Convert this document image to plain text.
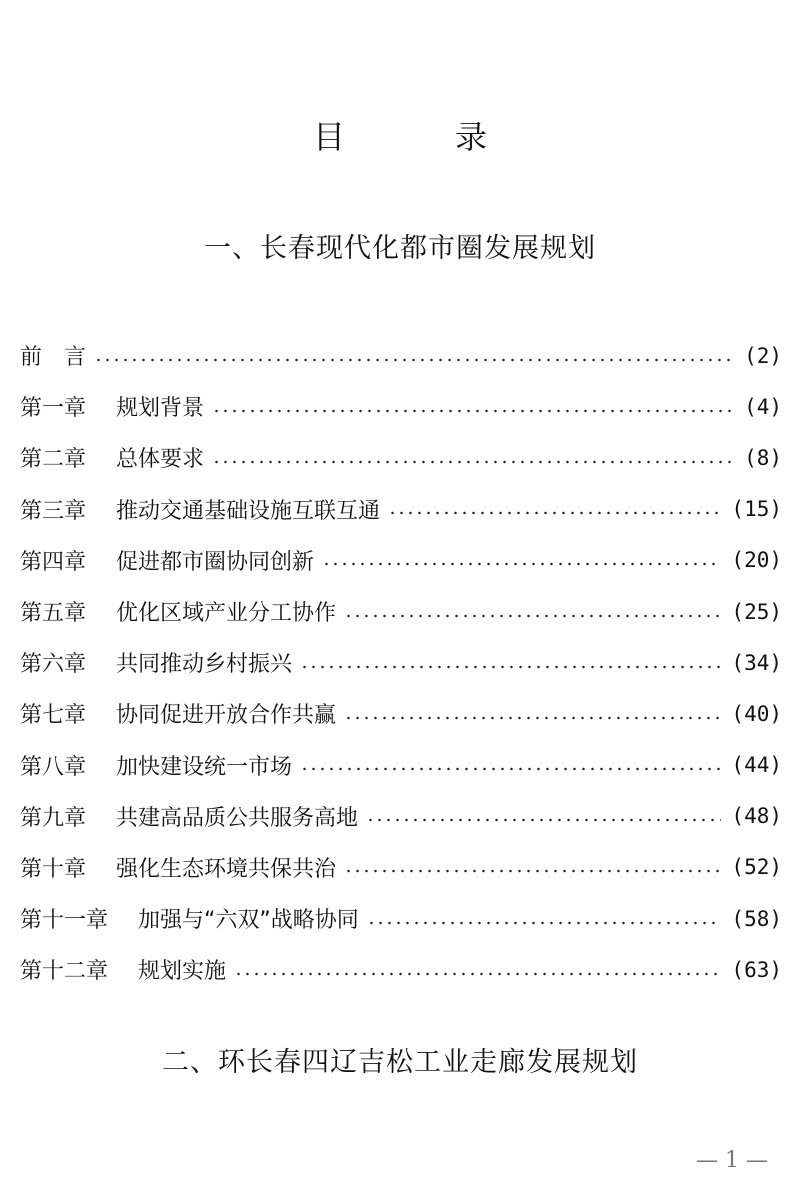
目	录
一、长春现代化都市圈发展规划
前　言	(2)
第一章 规划背景	(4)
第二章 总体要求	(8)
第三章 推动交通基础设施互联互通	(15)
第四章 促进都市圈协同创新	(20)
第五章 优化区域产业分工协作	(25)
第六章 共同推动乡村振兴	(34)
第七章 协同促进开放合作共赢	(40)
第八章 加快建设统一市场	(44)
第九章 共建高品质公共服务高地	(48)
第十章 强化生态环境共保共治	(52)
第十一章 加强与“六双”战略协同	(58)
第十二章 规划实施	(63)
二、环长春四辽吉松工业走廊发展规划
— 1 —
